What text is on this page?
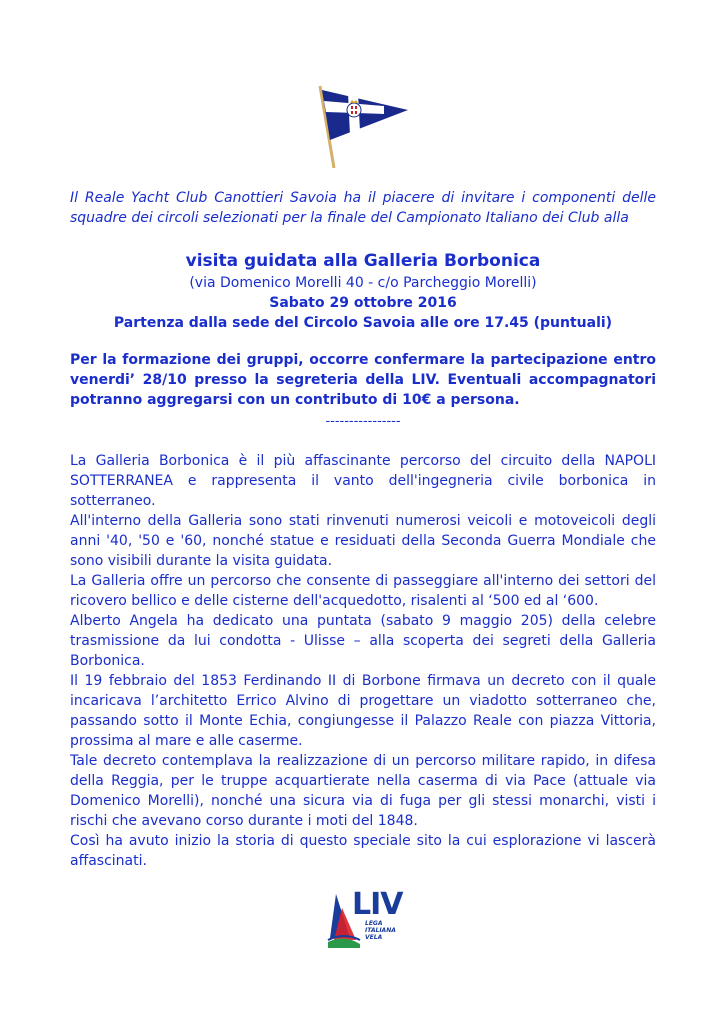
Il Reale Yacht Club Canottieri Savoia ha il piacere di invitare i componenti delle squadre dei circoli selezionati per la finale del Campionato Italiano dei Club alla

visita guidata alla Galleria Borbonica

(via Domenico Morelli 40 - c/o Parcheggio Morelli)

Sabato 29 ottobre 2016

Partenza dalla sede del Circolo Savoia alle ore 17.45 (puntuali)

Per la formazione dei gruppi, occorre confermare la partecipazione entro venerdi’ 28/10 presso la segreteria della LIV. Eventuali accompagnatori potranno aggregarsi con un contributo di 10€ a persona.

----------------

La Galleria Borbonica è il più affascinante percorso del circuito della NAPOLI SOTTERRANEA e rappresenta il vanto dell'ingegneria civile borbonica in sotterraneo.

All'interno della Galleria sono stati rinvenuti numerosi veicoli e motoveicoli degli anni '40, '50 e '60, nonché statue e residuati della Seconda Guerra Mondiale che sono visibili durante la visita guidata.

La Galleria offre un percorso che consente di passeggiare all'interno dei settori del ricovero bellico e delle cisterne dell'acquedotto, risalenti al ‘500 ed al ‘600.

Alberto Angela ha dedicato una puntata (sabato 9 maggio 205) della celebre trasmissione da lui condotta - Ulisse – alla scoperta dei segreti della Galleria Borbonica.

Il 19 febbraio del 1853 Ferdinando II di Borbone firmava un decreto con il quale incaricava l’architetto Errico Alvino di progettare un viadotto sotterraneo che, passando sotto il Monte Echia, congiungesse il Palazzo Reale con piazza Vittoria, prossima al mare e alle caserme.

Tale decreto contemplava la realizzazione di un percorso militare rapido, in difesa della Reggia, per le truppe acquartierate nella caserma di via Pace (attuale via Domenico Morelli), nonché una sicura via di fuga per gli stessi monarchi, visti i rischi che avevano corso durante i moti del 1848.

Così ha avuto inizio la storia di questo speciale sito la cui esplorazione vi lascerà affascinati.

LIV
LEGA
ITALIANA
VELA
